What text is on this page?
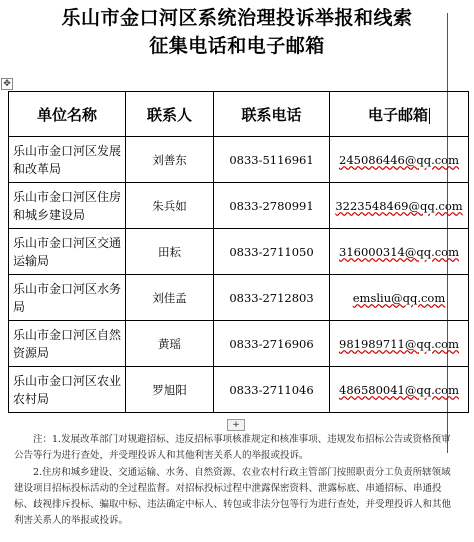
乐山市金口河区系统治理投诉举报和线索
征集电话和电子邮箱
✥
单位名称	联系人	联系电话	电子邮箱
乐山市金口河区发展和改革局	刘善东	0833-5116961	245086446@qq.com
乐山市金口河区住房和城乡建设局	朱兵如	0833-2780991	3223548469@qq.com
乐山市金口河区交通运输局	田耘	0833-2711050	316000314@qq.com
乐山市金口河区水务局	刘佳孟	0833-2712803	emsliu@qq.com
乐山市金口河区自然资源局	黄瑶	0833-2716906	981989711@qq.com
乐山市金口河区农业农村局	罗旭阳	0833-2711046	486580041@qq.com
+

注：1.发展改革部门对规避招标、违反招标事项核准规定和核准事项、违规发布招标公告或资格预审公告等行为进行查处，并受理投诉人和其他利害关系人的举报或投诉。

2.住房和城乡建设、交通运输、水务、自然资源、农业农村行政主管部门按照职责分工负责所辖领域建设项目招标投标活动的全过程监督。对招标投标过程中泄露保密资料、泄露标底、串通招标、串通投标、歧视排斥投标、骗取中标、违法确定中标人、转包或非法分包等行为进行查处，并受理投诉人和其他利害关系人的举报或投诉。
